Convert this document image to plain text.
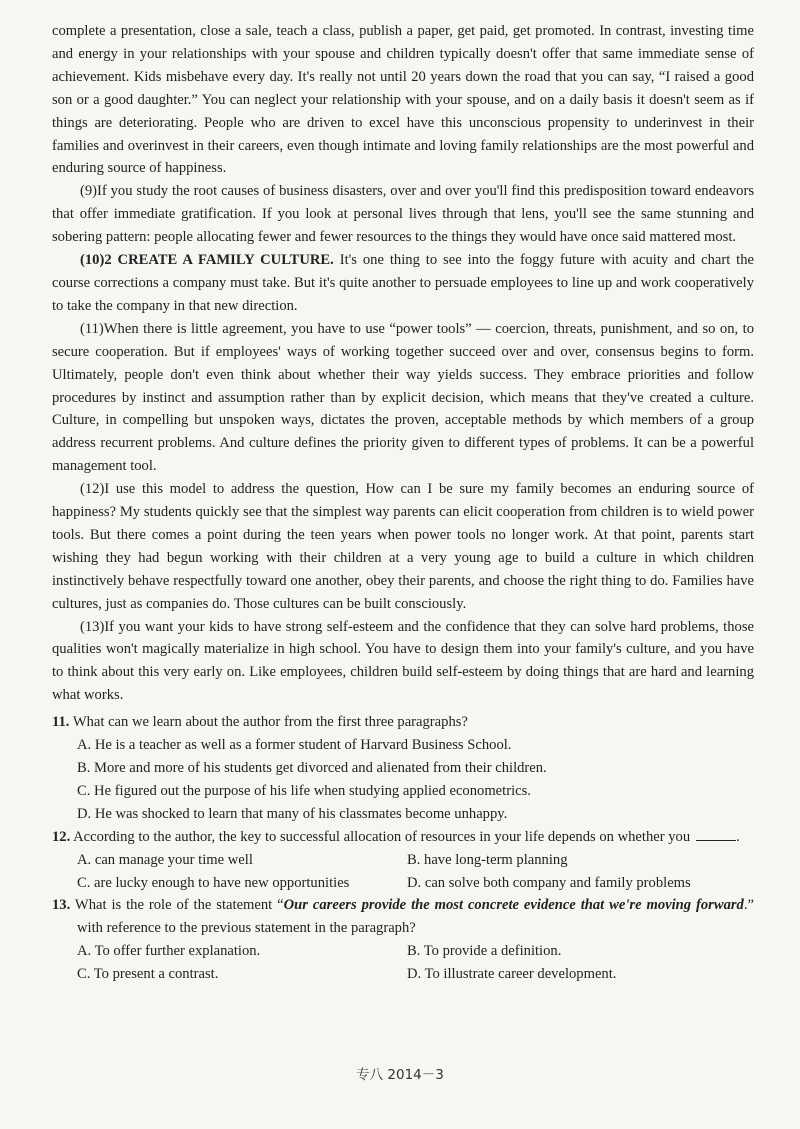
complete a presentation, close a sale, teach a class, publish a paper, get paid, get promoted. In contrast, investing time and energy in your relationships with your spouse and children typically doesn't offer that same immediate sense of achievement. Kids misbehave every day. It's really not until 20 years down the road that you can say, “I raised a good son or a good daughter.” You can neglect your relationship with your spouse, and on a daily basis it doesn't seem as if things are deteriorating. People who are driven to excel have this unconscious propensity to underinvest in their families and overinvest in their careers, even though intimate and loving family relationships are the most powerful and enduring source of happiness.

(9)If you study the root causes of business disasters, over and over you'll find this predisposition toward endeavors that offer immediate gratification. If you look at personal lives through that lens, you'll see the same stunning and sobering pattern: people allocating fewer and fewer resources to the things they would have once said mattered most.

(10)2 CREATE A FAMILY CULTURE. It's one thing to see into the foggy future with acuity and chart the course corrections a company must take. But it's quite another to persuade employees to line up and work cooperatively to take the company in that new direction.

(11)When there is little agreement, you have to use “power tools” — coercion, threats, punishment, and so on, to secure cooperation. But if employees' ways of working together succeed over and over, consensus begins to form. Ultimately, people don't even think about whether their way yields success. They embrace priorities and follow procedures by instinct and assumption rather than by explicit decision, which means that they've created a culture. Culture, in compelling but unspoken ways, dictates the proven, acceptable methods by which members of a group address recurrent problems. And culture defines the priority given to different types of problems. It can be a powerful management tool.

(12)I use this model to address the question, How can I be sure my family becomes an enduring source of happiness? My students quickly see that the simplest way parents can elicit cooperation from children is to wield power tools. But there comes a point during the teen years when power tools no longer work. At that point, parents start wishing they had begun working with their children at a very young age to build a culture in which children instinctively behave respectfully toward one another, obey their parents, and choose the right thing to do. Families have cultures, just as companies do. Those cultures can be built consciously.

(13)If you want your kids to have strong self-esteem and the confidence that they can solve hard problems, those qualities won't magically materialize in high school. You have to design them into your family's culture, and you have to think about this very early on. Like employees, children build self-esteem by doing things that are hard and learning what works.

11. What can we learn about the author from the first three paragraphs?

A. He is a teacher as well as a former student of Harvard Business School.
B. More and more of his students get divorced and alienated from their children.
C. He figured out the purpose of his life when studying applied econometrics.
D. He was shocked to learn that many of his classmates become unhappy.

12. According to the author, the key to successful allocation of resources in your life depends on whether you	.

A. can manage your time well	B. have long-term planning
C. are lucky enough to have new opportunities	D. can solve both company and family problems

13. What is the role of the statement “Our careers provide the most concrete evidence that we're moving forward.” with reference to the previous statement in the paragraph?

A. To offer further explanation.	B. To provide a definition.
C. To present a contrast.	D. To illustrate career development.
专八 2014－3
